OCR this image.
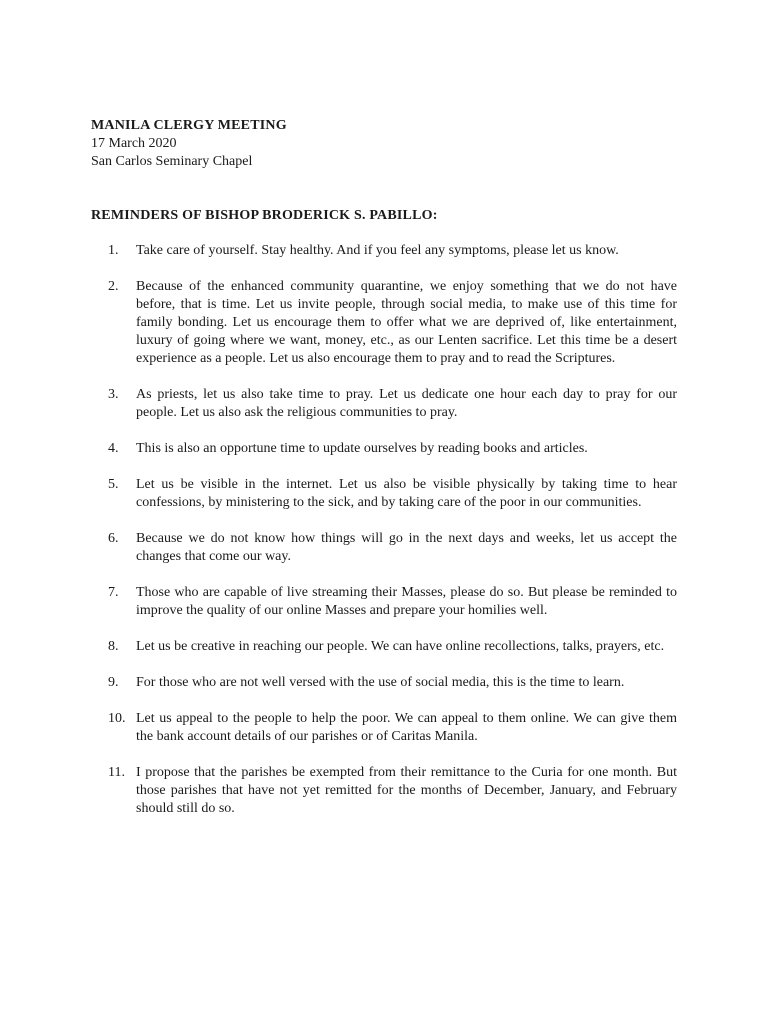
MANILA CLERGY MEETING
17 March 2020
San Carlos Seminary Chapel
REMINDERS OF BISHOP BRODERICK S. PABILLO:
1. Take care of yourself. Stay healthy. And if you feel any symptoms, please let us know.
2. Because of the enhanced community quarantine, we enjoy something that we do not have before, that is time. Let us invite people, through social media, to make use of this time for family bonding. Let us encourage them to offer what we are deprived of, like entertainment, luxury of going where we want, money, etc., as our Lenten sacrifice. Let this time be a desert experience as a people. Let us also encourage them to pray and to read the Scriptures.
3. As priests, let us also take time to pray. Let us dedicate one hour each day to pray for our people. Let us also ask the religious communities to pray.
4. This is also an opportune time to update ourselves by reading books and articles.
5. Let us be visible in the internet. Let us also be visible physically by taking time to hear confessions, by ministering to the sick, and by taking care of the poor in our communities.
6. Because we do not know how things will go in the next days and weeks, let us accept the changes that come our way.
7. Those who are capable of live streaming their Masses, please do so. But please be reminded to improve the quality of our online Masses and prepare your homilies well.
8. Let us be creative in reaching our people. We can have online recollections, talks, prayers, etc.
9. For those who are not well versed with the use of social media, this is the time to learn.
10. Let us appeal to the people to help the poor. We can appeal to them online. We can give them the bank account details of our parishes or of Caritas Manila.
11. I propose that the parishes be exempted from their remittance to the Curia for one month. But those parishes that have not yet remitted for the months of December, January, and February should still do so.
